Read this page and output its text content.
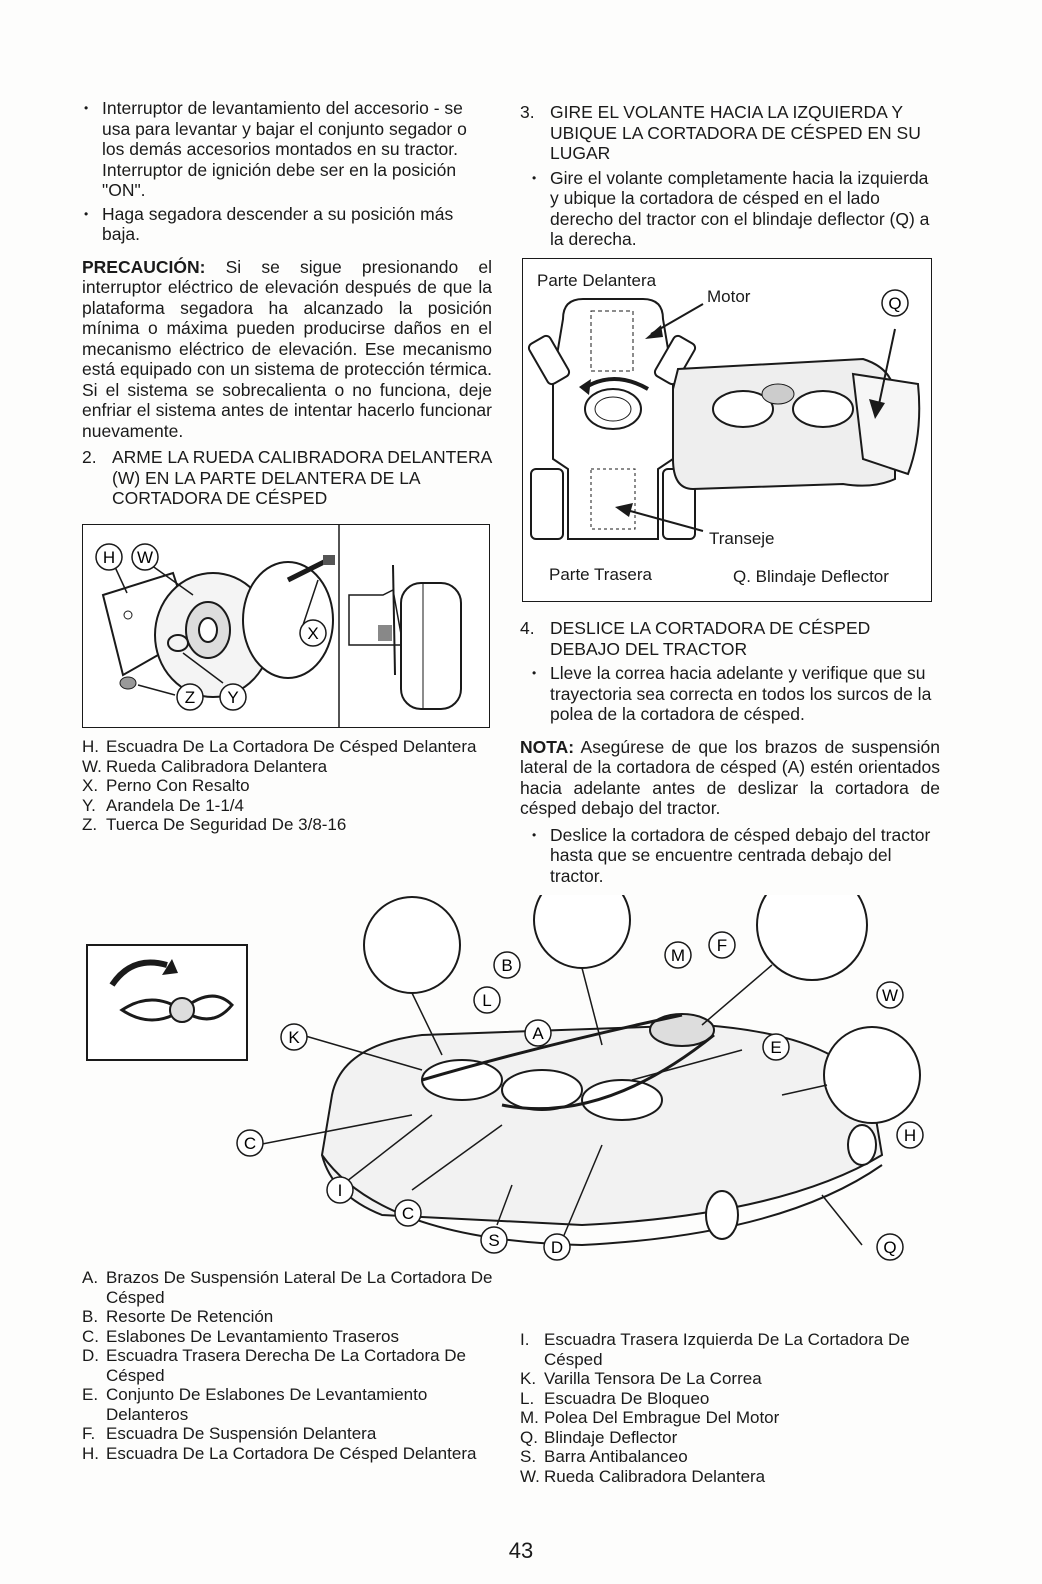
• Interruptor de levantamiento del accesorio - se usa para levantar y bajar el conjunto segador o los demás accesorios montados en su tractor. Interruptor de ignición debe ser en la posición "ON".
• Haga segadora descender a su posición más baja.
PRECAUCIÓN: Si se sigue presionando el interruptor eléctrico de elevación después de que la plataforma segadora ha alcanzado la posición mínima o máxima pueden producirse daños en el mecanismo eléctrico de elevación. Ese mecanismo está equipado con un sistema de protección térmica. Si el sistema se sobrecalienta o no funciona, deje enfriar el sistema antes de intentar hacerlo funcionar nuevamente.
2. ARME LA RUEDA CALIBRADORA DELANTERA (W) EN LA PARTE DELANTERA DE LA CORTADORA DE CÉSPED
H W
X
Z Y
H. Escuadra De La Cortadora De Césped Delantera
W. Rueda Calibradora Delantera
X. Perno Con Resalto
Y. Arandela De 1-1/4
Z. Tuerca De Seguridad De 3/8-16
3. GIRE EL VOLANTE HACIA LA IZQUIERDA Y UBIQUE LA CORTADORA DE CÉSPED EN SU LUGAR
• Gire el volante completamente hacia la izquierda y ubique la cortadora de césped en el lado derecho del tractor con el blindaje deflector (Q) a la derecha.
Q
Parte Delantera
Motor
Transeje
Parte Trasera	Q. Blindaje Deflector
4. DESLICE LA CORTADORA DE CÉSPED DEBAJO DEL TRACTOR
• Lleve la correa hacia adelante y verifique que su trayectoria sea correcta en todos los surcos de la polea de la cortadora de césped.
NOTA: Asegúrese de que los brazos de suspensión lateral de la cortadora de césped (A) estén orientados hacia adelante antes de deslizar la cortadora de césped debajo del tractor.
• Deslice la cortadora de césped debajo del tractor hasta que se encuentre centrada debajo del tractor.
B
M
F
L
A
W
K
E
C	H
I
C
S	D	Q
A. Brazos De Suspensión Lateral De La Cortadora De Césped
B. Resorte De Retención
C. Eslabones De Levantamiento Traseros
D. Escuadra Trasera Derecha De La Cortadora De Césped
E. Conjunto De Eslabones De Levantamiento Delanteros
F. Escuadra De Suspensión Delantera
H. Escuadra De La Cortadora De Césped Delantera
I. Escuadra Trasera Izquierda De La Cortadora De Césped
K. Varilla Tensora De La Correa
L. Escuadra De Bloqueo
M. Polea Del Embrague Del Motor
Q. Blindaje Deflector
S. Barra Antibalanceo
W. Rueda Calibradora Delantera
43
